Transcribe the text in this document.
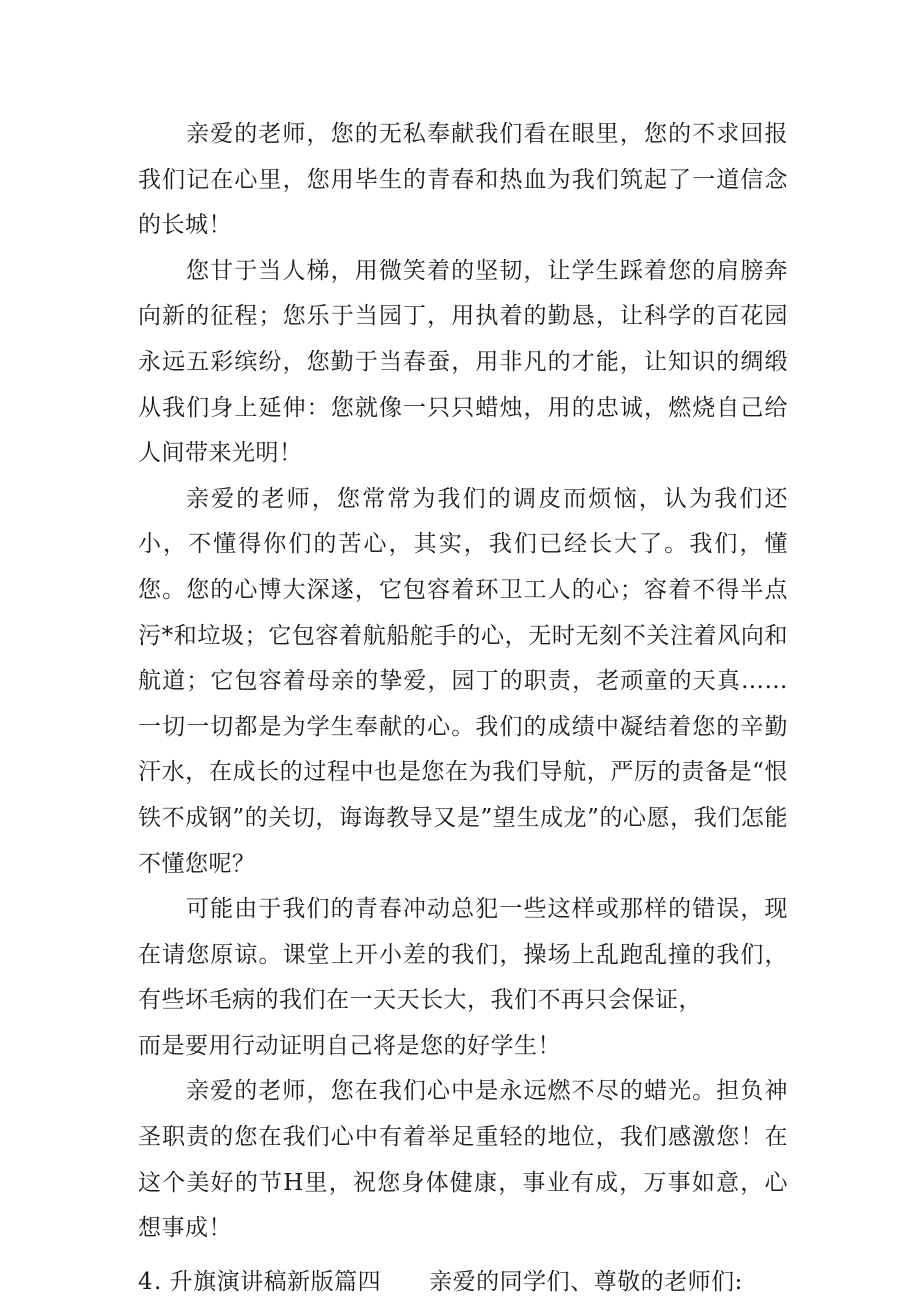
亲爱的老师，您的无私奉献我们看在眼里，您的不求回报我们记在心里，您用毕生的青春和热血为我们筑起了一道信念的长城！

您甘于当人梯，用微笑着的坚韧，让学生踩着您的肩膀奔向新的征程；您乐于当园丁，用执着的勤恳，让科学的百花园永远五彩缤纷，您勤于当春蚕，用非凡的才能，让知识的绸缎从我们身上延伸：您就像一只只蜡烛，用的忠诚，燃烧自己给人间带来光明！

亲爱的老师，您常常为我们的调皮而烦恼，认为我们还小，不懂得你们的苦心，其实，我们已经长大了。我们，懂您。您的心博大深遂，它包容着环卫工人的心；容着不得半点污*和垃圾；它包容着航船舵手的心，无时无刻不关注着风向和航道；它包容着母亲的挚爱，园丁的职责，老顽童的天真……一切一切都是为学生奉献的心。我们的成绩中凝结着您的辛勤汗水，在成长的过程中也是您在为我们导航，严厉的责备是“恨铁不成钢”的关切，诲诲教导又是”望生成龙”的心愿，我们怎能不懂您呢？

可能由于我们的青春冲动总犯一些这样或那样的错误，现在请您原谅。课堂上开小差的我们，操场上乱跑乱撞的我们，有些坏毛病的我们在一天天长大，我们不再只会保证，

而是要用行动证明自己将是您的好学生！

亲爱的老师，您在我们心中是永远燃不尽的蜡光。担负神圣职责的您在我们心中有着举足重轻的地位，我们感激您！在这个美好的节H里，祝您身体健康，事业有成，万事如意，心想事成！

4. 升旗演讲稿新版篇四 亲爱的同学们、尊敬的老师们:
